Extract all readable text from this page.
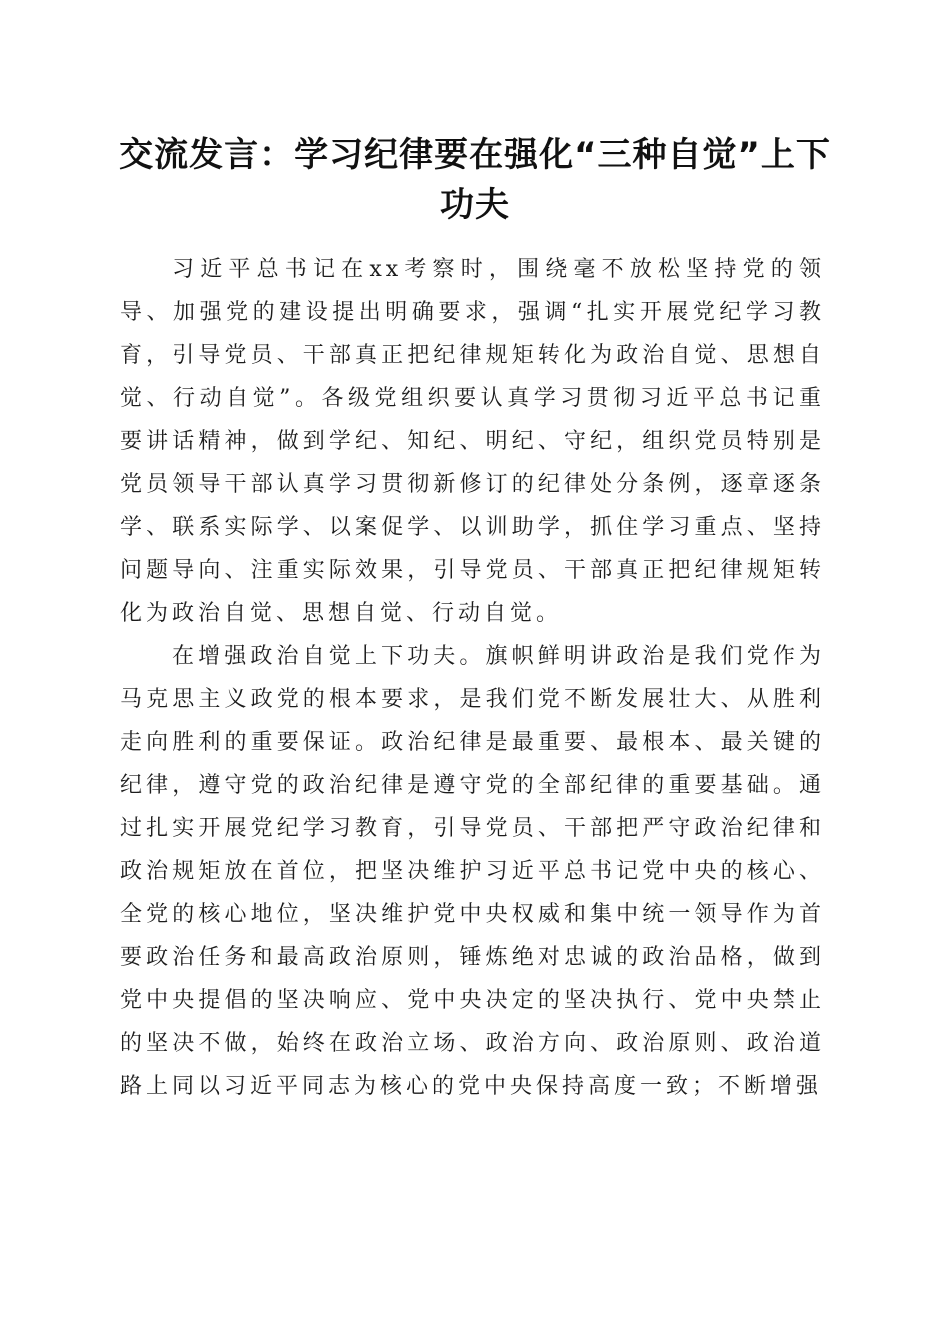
交流发言：学习纪律要在强化“三种自觉”上下功夫

习近平总书记在xx考察时，围绕毫不放松坚持党的领导、加强党的建设提出明确要求，强调“扎实开展党纪学习教育，引导党员、干部真正把纪律规矩转化为政治自觉、思想自觉、行动自觉”。各级党组织要认真学习贯彻习近平总书记重要讲话精神，做到学纪、知纪、明纪、守纪，组织党员特别是党员领导干部认真学习贯彻新修订的纪律处分条例，逐章逐条学、联系实际学、以案促学、以训助学，抓住学习重点、坚持问题导向、注重实际效果，引导党员、干部真正把纪律规矩转化为政治自觉、思想自觉、行动自觉。

在增强政治自觉上下功夫。旗帜鲜明讲政治是我们党作为马克思主义政党的根本要求，是我们党不断发展壮大、从胜利走向胜利的重要保证。政治纪律是最重要、最根本、最关键的纪律，遵守党的政治纪律是遵守党的全部纪律的重要基础。通过扎实开展党纪学习教育，引导党员、干部把严守政治纪律和政治规矩放在首位，把坚决维护习近平总书记党中央的核心、全党的核心地位，坚决维护党中央权威和集中统一领导作为首要政治任务和最高政治原则，锤炼绝对忠诚的政治品格，做到党中央提倡的坚决响应、党中央决定的坚决执行、党中央禁止的坚决不做，始终在政治立场、政治方向、政治原则、政治道路上同以习近平同志为核心的党中央保持高度一致；不断增强
